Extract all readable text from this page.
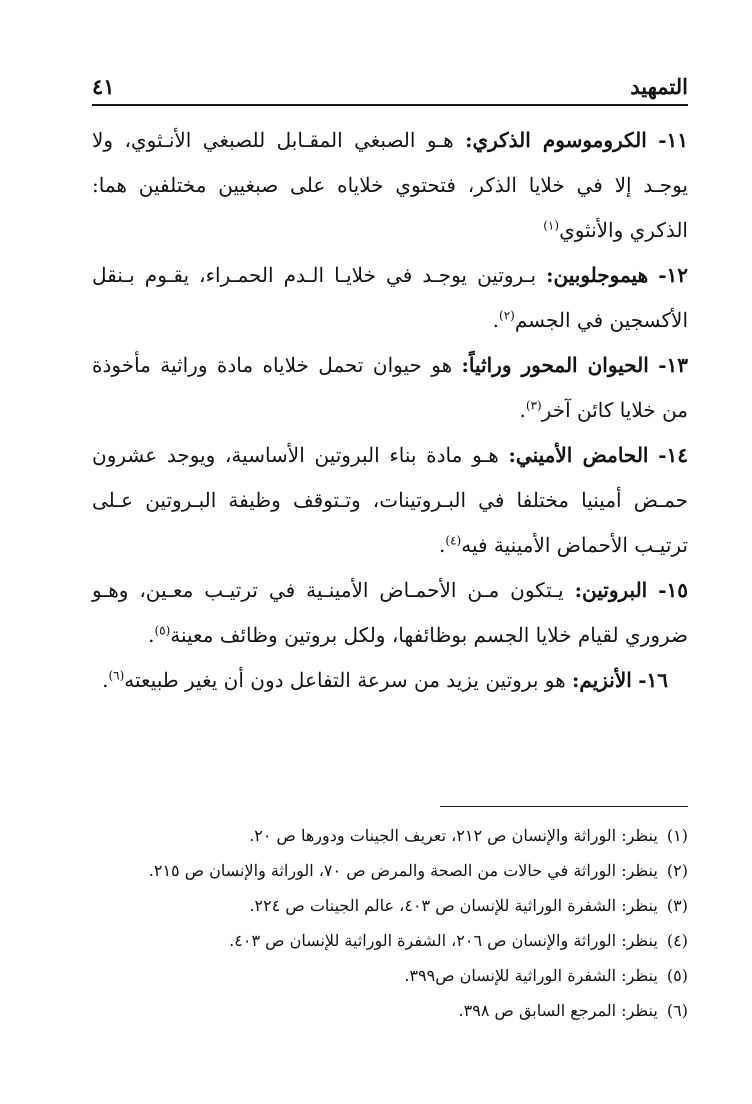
التمهيد
٤١

١١- الكروموسوم الذكري: هـو الصبغي المقـابل للصبغي الأنـثوي، ولا يوجـد إلا في خلايا الذكر، فتحتوي خلاياه على صبغيين مختلفين هما: الذكري والأنثوي$^{(١)}$

١٢- هيموجلوبين: بـروتين يوجـد في خلايـا الـدم الحمـراء، يقـوم بـنقل الأكسجين في الجسم$^{(٢)}$.

١٣- الحيوان المحور وراثياً: هو حيوان تحمل خلاياه مادة وراثية مأخوذة من خلايا كائن آخر$^{(٣)}$.

١٤- الحامض الأميني: هـو مادة بناء البروتين الأساسية، ويوجد عشرون حمـض أمينيا مختلفا في البـروتينات، وتـتوقف وظيفة البـروتين عـلى ترتيـب الأحماض الأمينية فيه$^{(٤)}$.

١٥- البروتين: يـتكون مـن الأحمـاض الأمينـية في ترتيـب معـين، وهـو ضروري لقيام خلايا الجسم بوظائفها، ولكل بروتين وظائف معينة$^{(٥)}$.

١٦- الأنزيم: هو بروتين يزيد من سرعة التفاعل دون أن يغير طبيعته$^{(٦)}$.

(١) ينظر: الوراثة والإنسان ص ٢١٢، تعريف الجينات ودورها ص ٢٠.
(٢) ينظر: الوراثة في حالات من الصحة والمرض ص ٧٠، الوراثة والإنسان ص ٢١٥.
(٣) ينظر: الشفرة الوراثية للإنسان ص ٤٠٣، عالم الجينات ص ٢٢٤.
(٤) ينظر: الوراثة والإنسان ص ٢٠٦، الشفرة الوراثية للإنسان ص ٤٠٣.
(٥) ينظر: الشفرة الوراثية للإنسان ص٣٩٩.
(٦) ينظر: المرجع السابق ص ٣٩٨.
